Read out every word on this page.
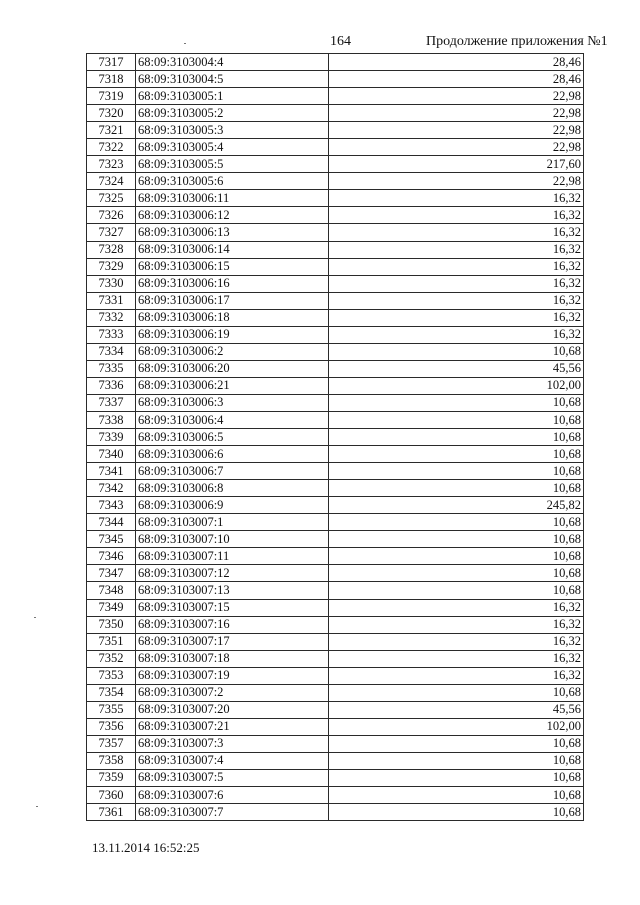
164	Продолжение приложения №1
7317	68:09:3103004:4	28,46
7318	68:09:3103004:5	28,46
7319	68:09:3103005:1	22,98
7320	68:09:3103005:2	22,98
7321	68:09:3103005:3	22,98
7322	68:09:3103005:4	22,98
7323	68:09:3103005:5	217,60
7324	68:09:3103005:6	22,98
7325	68:09:3103006:11	16,32
7326	68:09:3103006:12	16,32
7327	68:09:3103006:13	16,32
7328	68:09:3103006:14	16,32
7329	68:09:3103006:15	16,32
7330	68:09:3103006:16	16,32
7331	68:09:3103006:17	16,32
7332	68:09:3103006:18	16,32
7333	68:09:3103006:19	16,32
7334	68:09:3103006:2	10,68
7335	68:09:3103006:20	45,56
7336	68:09:3103006:21	102,00
7337	68:09:3103006:3	10,68
7338	68:09:3103006:4	10,68
7339	68:09:3103006:5	10,68
7340	68:09:3103006:6	10,68
7341	68:09:3103006:7	10,68
7342	68:09:3103006:8	10,68
7343	68:09:3103006:9	245,82
7344	68:09:3103007:1	10,68
7345	68:09:3103007:10	10,68
7346	68:09:3103007:11	10,68
7347	68:09:3103007:12	10,68
7348	68:09:3103007:13	10,68
7349	68:09:3103007:15	16,32
7350	68:09:3103007:16	16,32
7351	68:09:3103007:17	16,32
7352	68:09:3103007:18	16,32
7353	68:09:3103007:19	16,32
7354	68:09:3103007:2	10,68
7355	68:09:3103007:20	45,56
7356	68:09:3103007:21	102,00
7357	68:09:3103007:3	10,68
7358	68:09:3103007:4	10,68
7359	68:09:3103007:5	10,68
7360	68:09:3103007:6	10,68
7361	68:09:3103007:7	10,68
13.11.2014 16:52:25
